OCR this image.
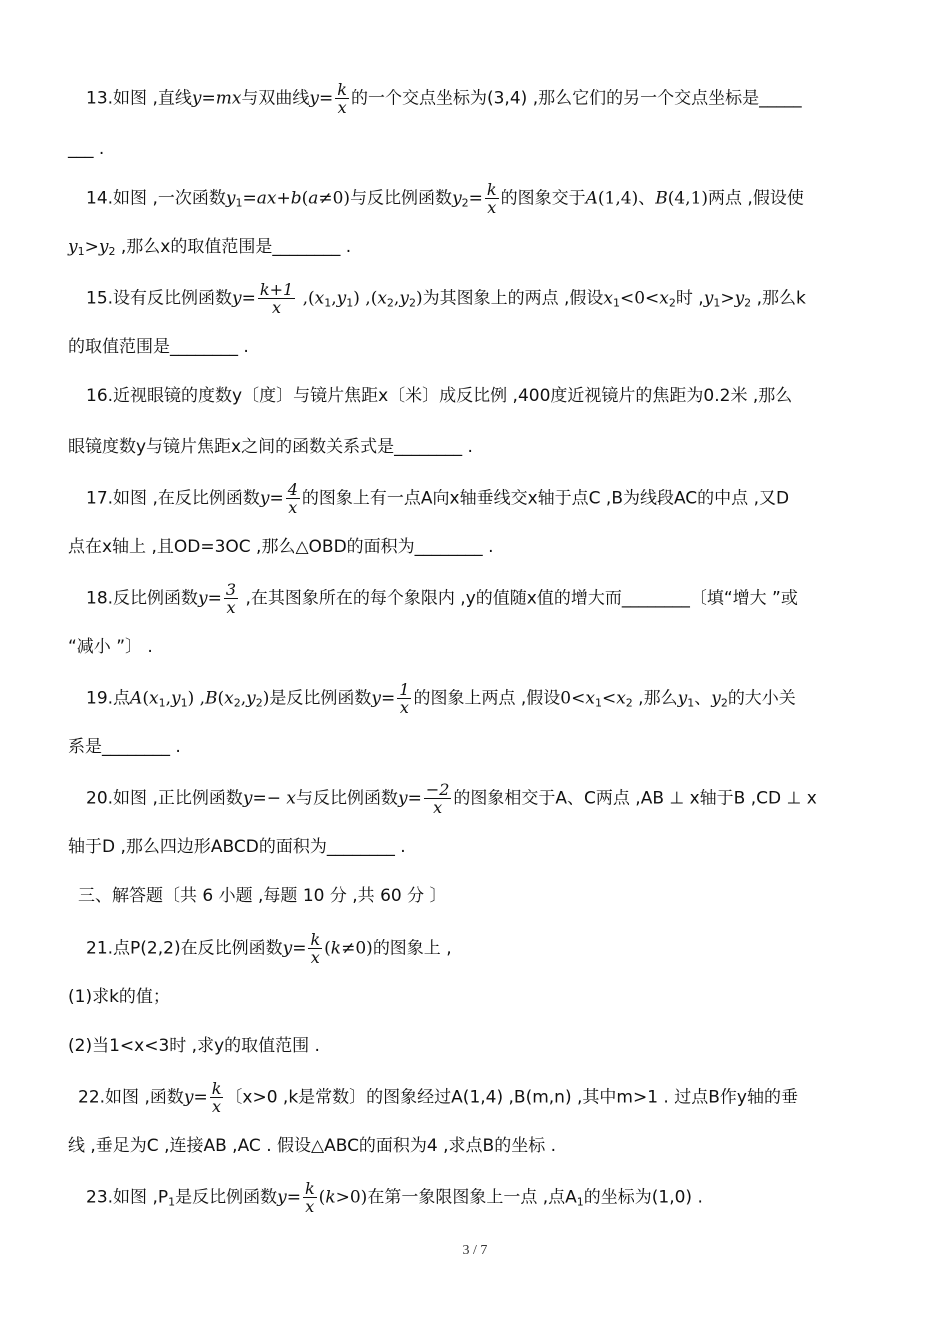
13.如图 ,直线y=mx与双曲线$y= \frac{k}{x}$ 的一个交点坐标为(3,4) ,那么它们的另一个交点坐标是_____
___ .
14.如图 ,一次函数$y_1=ax+b(a\ne 0)$与反比例函数$y_2= \frac{k}{x}$ 的图象交于A(1,4)、B(4,1)两点 ,假设使
$y_1>y_2$ ,那么x的取值范围是________ .
15.设有反比例函数$y= \frac{k+1}{x} ,(x_1,y_1)$ $,(x_2,y_2)$为其图象上的两点 ,假设$x_1<0<x_2$时 $,y_1>y_2$ ,那么k
的取值范围是________ .
16.近视眼镜的度数y〔度〕与镜片焦距x〔米〕成反比例 ,400度近视镜片的焦距为0.2米 ,那么
眼镜度数y与镜片焦距x之间的函数关系式是________ .
17.如图 ,在反比例函数$y= \frac{4}{x}$ 的图象上有一点A向x轴垂线交x轴于点C ,B为线段AC的中点 ,又D
点在x轴上 ,且OD=3OC ,那么△OBD的面积为________ .
18.反比例函数$y= \frac{3}{x}$ ,在其图象所在的每个象限内 ,y的值随x值的增大而________〔填“增大 ”或
“减小 ”〕 .
19.点$A(x_1,y_1)$ $,B(x_2,y_2)$是反比例函数$y= \frac{1}{x}$ 的图象上两点 ,假设$0<x_1<x_2$ ,那么$y_1$、$y_2$的大小关
系是________ .
20.如图 ,正比例函数y=− x与反比例函数$y= \frac{-2}{x}$ 的图象相交于A、C两点 ,AB ⊥ x轴于B ,CD ⊥ x
轴于D ,那么四边形ABCD的面积为________ .
三、解答题〔共 6 小题 ,每题 10 分 ,共 60 分 〕
21.点P(2,2)在反比例函数$y= \frac{k}{x} (k\ne 0)$的图象上 ,
(1)求k的值；
(2)当1<x<3时 ,求y的取值范围 .
22.如图 ,函数$y= \frac{k}{x}$ 〔x>0 ,k是常数〕的图象经过A(1,4) ,B(m,n) ,其中m>1 . 过点B作y轴的垂
线 ,垂足为C ,连接AB ,AC . 假设△ABC的面积为4 ,求点B的坐标 .
23.如图 $,P_1$是反比例函数$y= \frac{k}{x} (k>0)$在第一象限图象上一点 ,点$A_1$的坐标为(1,0) .
3 / 7
